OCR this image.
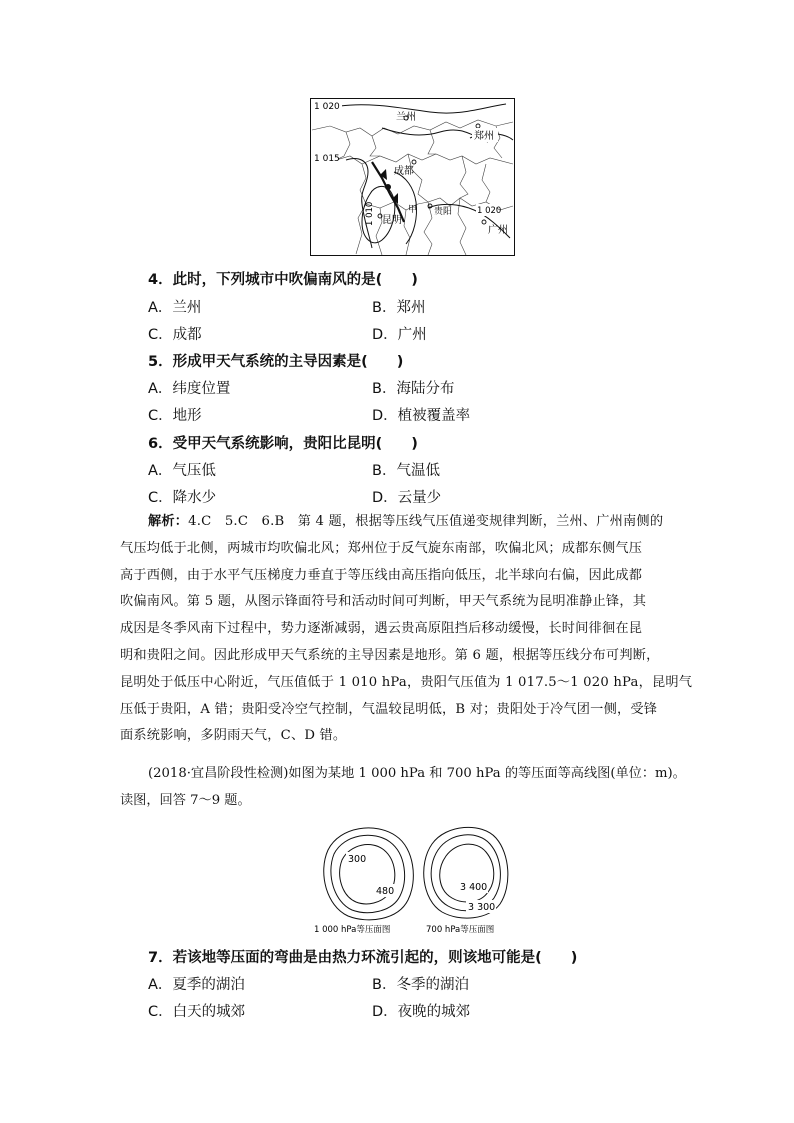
1 020
1 015
兰州
郑州
成都
甲 贵阳
昆明
1 010	1 020
广州
4．此时，下列城市中吹偏南风的是(　　)
A．兰州	B．郑州
C．成都	D．广州
5．形成甲天气系统的主导因素是(　　)
A．纬度位置	B．海陆分布
C．地形	D．植被覆盖率
6．受甲天气系统影响，贵阳比昆明(　　)
A．气压低	B．气温低
C．降水少	D．云量少
解析：4.C　5.C　6.B　第 4 题，根据等压线气压值递变规律判断，兰州、广州南侧的
气压均低于北侧，两城市均吹偏北风；郑州位于反气旋东南部，吹偏北风；成都东侧气压
高于西侧，由于水平气压梯度力垂直于等压线由高压指向低压，北半球向右偏，因此成都
吹偏南风。第 5 题，从图示锋面符号和活动时间可判断，甲天气系统为昆明准静止锋，其
成因是冬季风南下过程中，势力逐渐减弱，遇云贵高原阻挡后移动缓慢，长时间徘徊在昆
明和贵阳之间。因此形成甲天气系统的主导因素是地形。第 6 题，根据等压线分布可判断，
昆明处于低压中心附近，气压值低于 1 010 hPa，贵阳气压值为 1 017.5～1 020 hPa，昆明气
压低于贵阳，A 错；贵阳受冷空气控制，气温较昆明低，B 对；贵阳处于冷气团一侧，受锋
面系统影响，多阴雨天气，C、D 错。
(2018·宜昌阶段性检测)如图为某地 1 000 hPa 和 700 hPa 的等压面等高线图(单位：m)。
读图，回答 7～9 题。
300
480
1 000 hPa等压面图
3 400
3 300
700 hPa等压面图
7．若该地等压面的弯曲是由热力环流引起的，则该地可能是(　　)
A．夏季的湖泊	B．冬季的湖泊
C．白天的城郊	D．夜晚的城郊
